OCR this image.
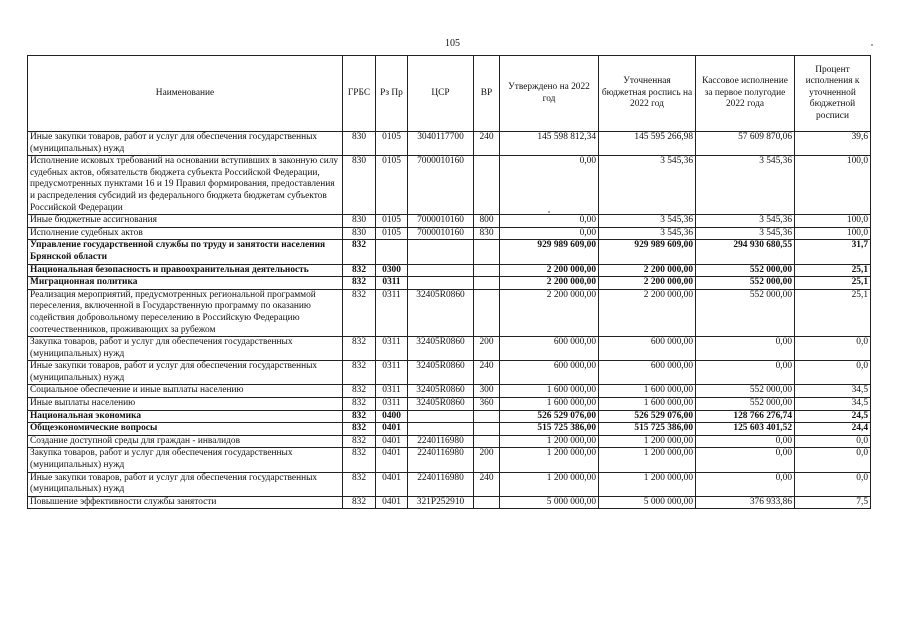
105
Наименование	ГРБС	Рз Пр	ЦСР	ВР	Утверждено на 2022 год	Уточненная бюджетная роспись на 2022 год	Кассовое исполнение за первое полугодие 2022 года	Процент исполнения к уточненной бюджетной росписи
Иные закупки товаров, работ и услуг для обеспечения государственных (муниципальных) нужд	830	0105	3040117700	240	145 598 812,34	145 595 266,98	57 609 870,06	39,6
Исполнение исковых требований на основании вступивших в законную силу судебных актов, обязательств бюджета субъекта Российской Федерации, предусмотренных пунктами 16 и 19 Правил формирования, предоставления и распределения субсидий из федерального бюджета бюджетам субъектов Российской Федерации	830	0105	7000010160		0,00	3 545,36	3 545,36	100,0
Иные бюджетные ассигнования	830	0105	7000010160	800	0,00	3 545,36	3 545,36	100,0
Исполнение судебных актов	830	0105	7000010160	830	0,00	3 545,36	3 545,36	100,0
Управление государственной службы по труду и занятости населения Брянской области	832				929 989 609,00	929 989 609,00	294 930 680,55	31,7
Национальная безопасность и правоохранительная деятельность	832	0300			2 200 000,00	2 200 000,00	552 000,00	25,1
Миграционная политика	832	0311			2 200 000,00	2 200 000,00	552 000,00	25,1
Реализация мероприятий, предусмотренных региональной программой переселения, включенной в Государственную программу по оказанию содействия добровольному переселению в Российскую Федерацию соотечественников, проживающих за рубежом	832	0311	32405R0860		2 200 000,00	2 200 000,00	552 000,00	25,1
Закупка товаров, работ и услуг для обеспечения государственных (муниципальных) нужд	832	0311	32405R0860	200	600 000,00	600 000,00	0,00	0,0
Иные закупки товаров, работ и услуг для обеспечения государственных (муниципальных) нужд	832	0311	32405R0860	240	600 000,00	600 000,00	0,00	0,0
Социальное обеспечение и иные выплаты населению	832	0311	32405R0860	300	1 600 000,00	1 600 000,00	552 000,00	34,5
Иные выплаты населению	832	0311	32405R0860	360	1 600 000,00	1 600 000,00	552 000,00	34,5
Национальная экономика	832	0400			526 529 076,00	526 529 076,00	128 766 276,74	24,5
Общеэкономические вопросы	832	0401			515 725 386,00	515 725 386,00	125 603 401,52	24,4
Создание доступной среды для граждан - инвалидов	832	0401	2240116980		1 200 000,00	1 200 000,00	0,00	0,0
Закупка товаров, работ и услуг для обеспечения государственных (муниципальных) нужд	832	0401	2240116980	200	1 200 000,00	1 200 000,00	0,00	0,0
Иные закупки товаров, работ и услуг для обеспечения государственных (муниципальных) нужд	832	0401	2240116980	240	1 200 000,00	1 200 000,00	0,00	0,0
Повышение эффективности службы занятости	832	0401	321P252910		5 000 000,00	5 000 000,00	376 933,86	7,5
